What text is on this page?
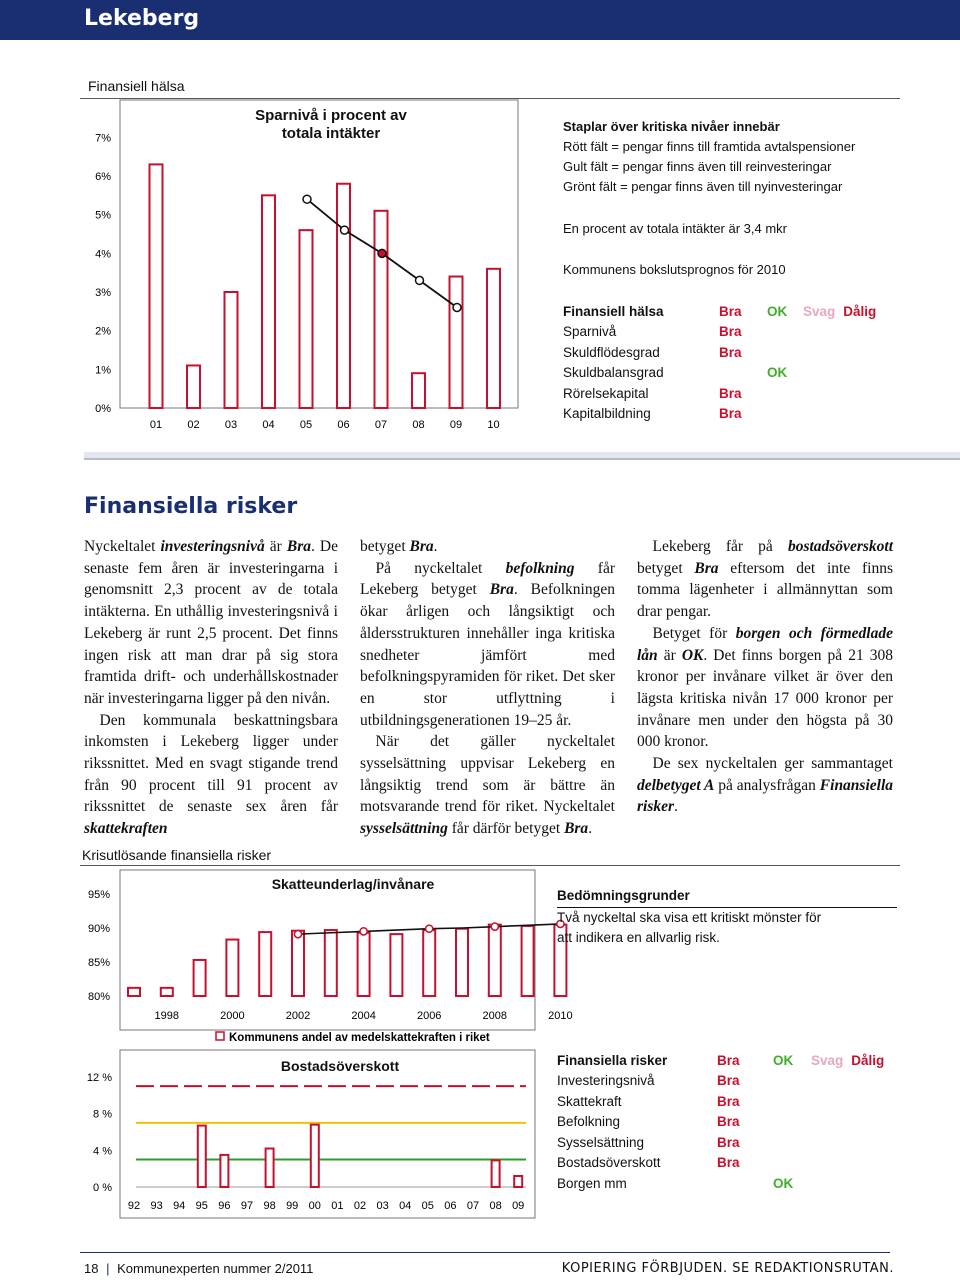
Lekeberg
Finansiell hälsa
Sparnivå i procent av
totala intäkter
7%
6%
5%
4%
3%
2%
1%
0%
01 02 03 04 05 06 07 08 09 10
Staplar över kritiska nivåer innebär
Rött fält = pengar finns till framtida avtalspensioner
Gult fält = pengar finns även till reinvesteringar
Grönt fält = pengar finns även till nyinvesteringar
En procent av totala intäkter är 3,4 mkr
Kommunens bokslutsprognos för 2010
Finansiell hälsa	Bra	OK	Svag	Dålig
Sparnivå	Bra			
Skuldflödesgrad	Bra			
Skuldbalansgrad		OK		
Rörelsekapital	Bra			
Kapitalbildning	Bra			
Finansiella risker

Nyckeltalet investeringsnivå är Bra. De senaste fem åren är investeringarna i genomsnitt 2,3 procent av de totala intäkterna. En uthållig investeringsnivå i Lekeberg är runt 2,5 procent. Det finns ingen risk att man drar på sig stora framtida drift- och underhållskostnader när investeringarna ligger på den nivån.

 Den kommunala beskattningsbara inkomsten i Lekeberg ligger under rikssnittet. Med en svagt stigande trend från 90 procent till 91 procent av rikssnittet de senaste sex åren får skattekraften

betyget Bra.

 På nyckeltalet befolkning får Lekeberg betyget Bra. Befolkningen ökar årligen och långsiktigt och åldersstrukturen innehåller inga kritiska snedheter jämfört med befolkningspyramiden för riket. Det sker en stor utflyttning i utbildningsgenerationen 19–25 år.

 När det gäller nyckeltalet sysselsättning uppvisar Lekeberg en långsiktig trend som är bättre än motsvarande trend för riket. Nyckeltalet sysselsättning får därför betyget Bra.

 Lekeberg får på bostadsöverskott betyget Bra eftersom det inte finns tomma lägenheter i allmännyttan som drar pengar.

 Betyget för borgen och förmedlade lån är OK. Det finns borgen på 21 308 kronor per invånare vilket är över den lägsta kritiska nivån 17 000 kronor per invånare men under den högsta på 30 000 kronor.

 De sex nyckeltalen ger sammantaget delbetyget A på analysfrågan Finansiella risker.

Krisutlösande finansiella risker
Skatteunderlag/invånare
95%
90%
85%
80%
1998	2000	2002	2004	2006	2008	2010
Kommunens andel av medelskattekraften i riket
Bedömningsgrunder
Två nyckeltal ska visa ett kritiskt mönster för
att indikera en allvarlig risk.
Bostadsöverskott
12 %
8 %
4 %
0 %
92 93 94 95 96 97 98 99 00 01 02 03 04 05 06 07 08 09
Finansiella risker	Bra	OK	Svag	Dålig
Investeringsnivå	Bra			
Skattekraft	Bra			
Befolkning	Bra			
Sysselsättning	Bra			
Bostadsöverskott	Bra			
Borgen mm		OK		
18 | Kommunexperten nummer 2/2011	KOPIERING FÖRBJUDEN. SE REDAKTIONSRUTAN.
